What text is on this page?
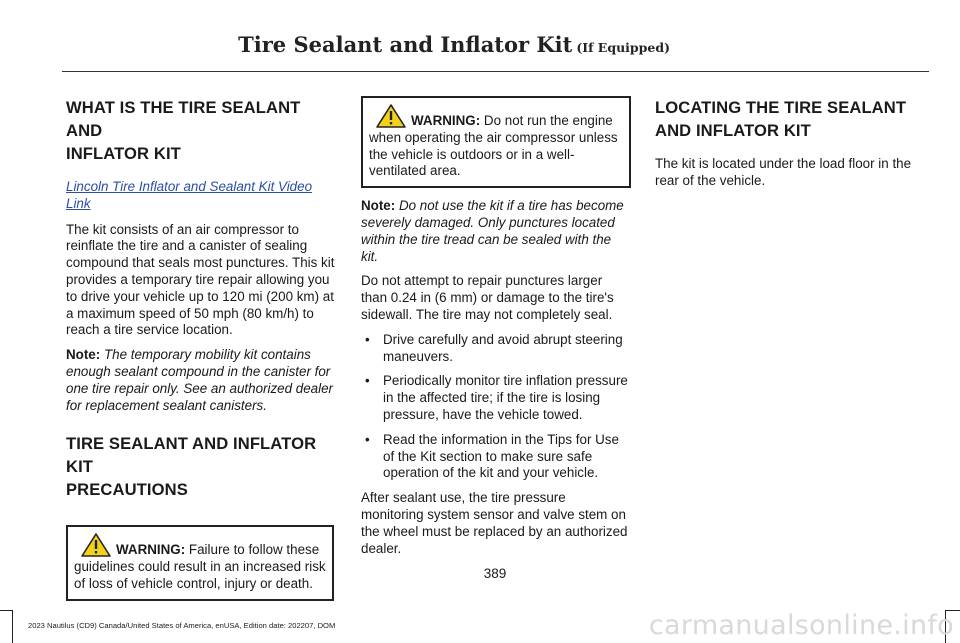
Tire Sealant and Inflator Kit (If Equipped)
WHAT IS THE TIRE SEALANT AND
INFLATOR KIT
Lincoln Tire Inflator and Sealant Kit Video Link

The kit consists of an air compressor to reinflate the tire and a canister of sealing compound that seals most punctures. This kit provides a temporary tire repair allowing you to drive your vehicle up to 120 mi (200 km) at a maximum speed of 50 mph (80 km/h) to reach a tire service location.

Note: The temporary mobility kit contains enough sealant compound in the canister for one tire repair only. See an authorized dealer for replacement sealant canisters.

TIRE SEALANT AND INFLATOR KIT
PRECAUTIONS
WARNING: Failure to follow these guidelines could result in an increased risk of loss of vehicle control, injury or death.
WARNING: Do not run the engine when operating the air compressor unless the vehicle is outdoors or in a well-ventilated area.

Note: Do not use the kit if a tire has become severely damaged. Only punctures located within the tire tread can be sealed with the kit.

Do not attempt to repair punctures larger than 0.24 in (6 mm) or damage to the tire's sidewall. The tire may not completely seal.

• Drive carefully and avoid abrupt steering maneuvers.
• Periodically monitor tire inflation pressure in the affected tire; if the tire is losing pressure, have the vehicle towed.
• Read the information in the Tips for Use of the Kit section to make sure safe operation of the kit and your vehicle.

After sealant use, the tire pressure monitoring system sensor and valve stem on the wheel must be replaced by an authorized dealer.

LOCATING THE TIRE SEALANT
AND INFLATOR KIT

The kit is located under the load floor in the rear of the vehicle.

389
2023 Nautilus (CD9) Canada/United States of America, enUSA, Edition date: 202207, DOM	carmanualsonline.info
